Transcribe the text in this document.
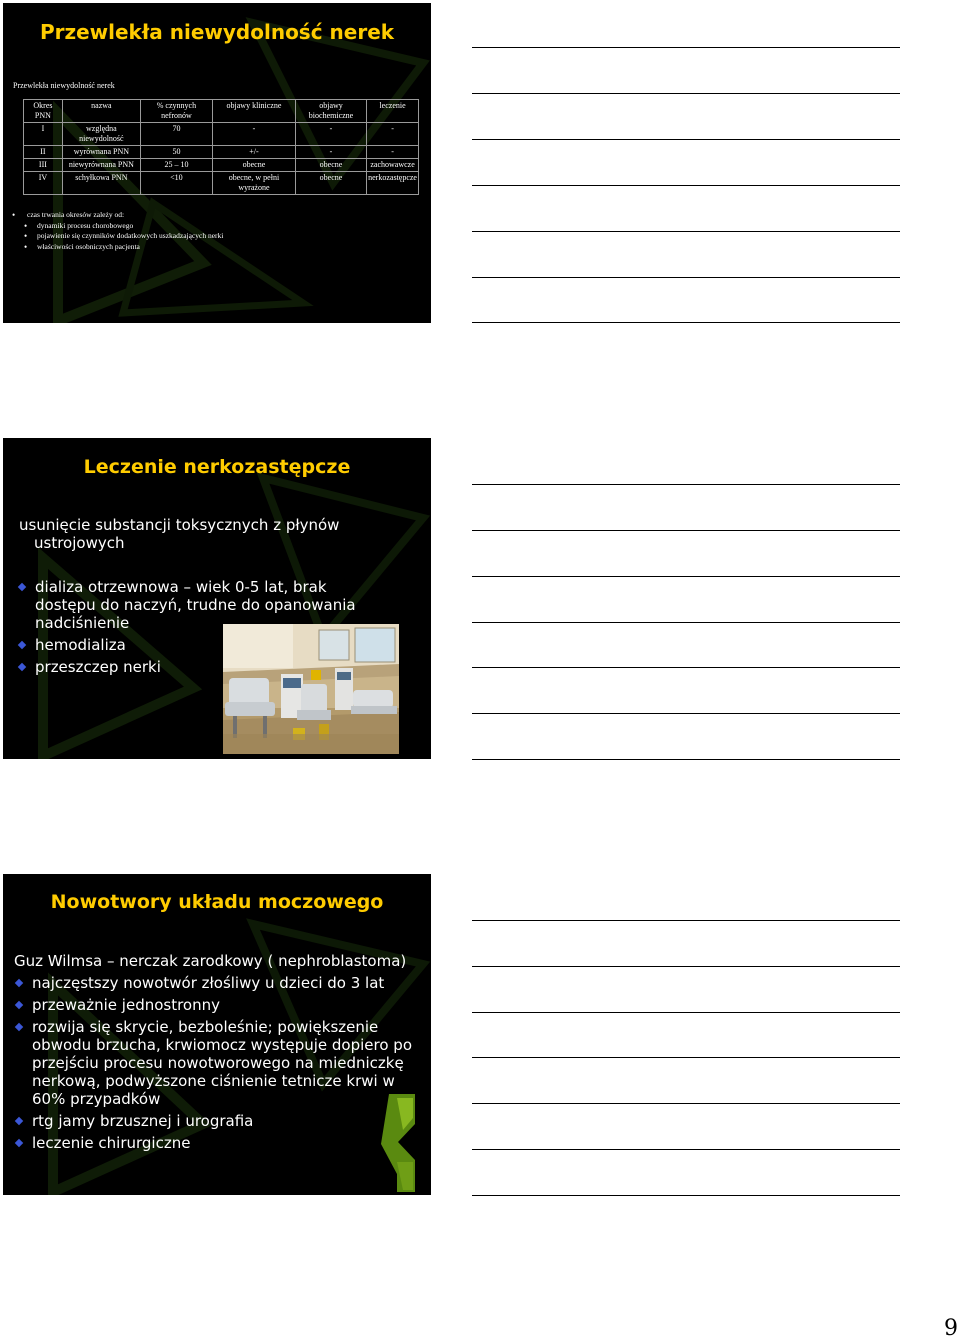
Przewlekła niewydolność nerek
Przewlekła niewydolność nerek
Okres PNN	nazwa	% czynnych nefronów	objawy kliniczne	objawy biochemiczne	leczenie
I	względna niewydolność	70	-	-	-
II	wyrównana PNN	50	+/-	-	-
III	niewyrównana PNN	25 – 10	obecne	obecne	zachowawcze
IV	schyłkowa PNN	<10	obecne, w pełni wyrażone	obecne	nerkozastępcze
• czas trwania okresów zależy od:
• dynamiki procesu chorobowego
• pojawienie się czynników dodatkowych uszkadzających nerki
• właściwości osobniczych pacjenta
Leczenie nerkozastępcze
usunięcie substancji toksycznych z płynów
ustrojowych
dializa otrzewnowa – wiek 0-5 lat, brak dostępu do naczyń, trudne do opanowania nadciśnienie
hemodializa
przeszczep nerki
Nowotwory układu moczowego
Guz Wilmsa – nerczak zarodkowy ( nephroblastoma)
najczęstszy nowotwór złośliwy u dzieci do 3 lat
przeważnie jednostronny
rozwija się skrycie, bezboleśnie; powiększenie obwodu brzucha, krwiomocz występuje dopiero po przejściu procesu nowotworowego na miedniczkę nerkową, podwyższone ciśnienie tetnicze krwi w 60% przypadków
rtg jamy brzusznej i urografia
leczenie chirurgiczne
9
